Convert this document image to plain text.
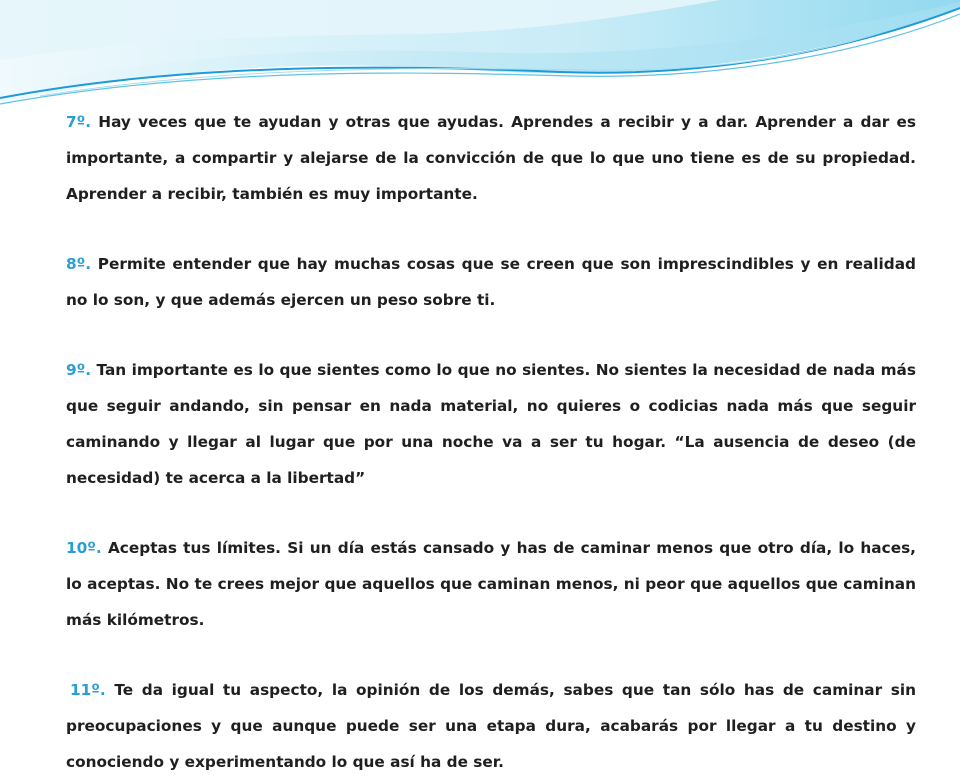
7º. Hay veces que te ayudan y otras que ayudas. Aprendes a recibir y a dar. Aprender a dar es importante, a compartir y alejarse de la convicción de que lo que uno tiene es de su propiedad. Aprender a recibir, también es muy importante.

8º. Permite entender que hay muchas cosas que se creen que son imprescindibles y en realidad no lo son, y que además ejercen un peso sobre ti.

9º. Tan importante es lo que sientes como lo que no sientes. No sientes la necesidad de nada más que seguir andando, sin pensar en nada material, no quieres o codicias nada más que seguir caminando y llegar al lugar que por una noche va a ser tu hogar. “La ausencia de deseo (de necesidad) te acerca a la libertad”

10º. Aceptas tus límites. Si un día estás cansado y has de caminar menos que otro día, lo haces, lo aceptas. No te crees mejor que aquellos que caminan menos, ni peor que aquellos que caminan más kilómetros.

11º. Te da igual tu aspecto, la opinión de los demás, sabes que tan sólo has de caminar sin preocupaciones y que aunque puede ser una etapa dura, acabarás por llegar a tu destino y conociendo y experimentando lo que así ha de ser.
